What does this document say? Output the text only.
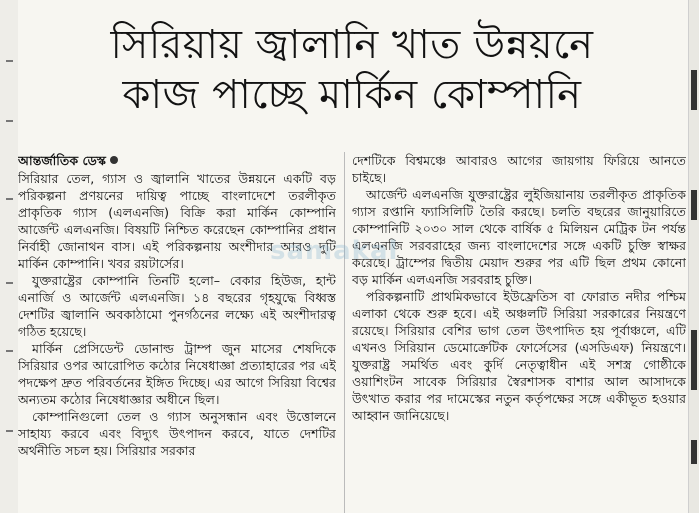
সিরিয়ায় জ্বালানি খাত উন্নয়নে
কাজ পাচ্ছে মার্কিন কোম্পানি
আন্তর্জাতিক ডেস্ক

সিরিয়ার তেল, গ্যাস ও জ্বালানি খাতের উন্নয়নে একটি বড় পরিকল্পনা প্রণয়নের দায়িত্ব পাচ্ছে বাংলাদেশে তরলীকৃত প্রাকৃতিক গ্যাস (এলএনজি) বিক্রি করা মার্কিন কোম্পানি আর্জেন্ট এলএনজি। বিষয়টি নিশ্চিত করেছেন কোম্পানির প্রধান নির্বাহী জোনাথন বাস। এই পরিকল্পনায় অংশীদার আরও দুটি মার্কিন কোম্পানি। খবর রয়টার্সের।

যুক্তরাষ্ট্রের কোম্পানি তিনটি হলো– বেকার হিউজ, হান্ট এনার্জি ও আর্জেন্ট এলএনজি। ১৪ বছরের গৃহযুদ্ধে বিধ্বস্ত দেশটির জ্বালানি অবকাঠামো পুনর্গঠনের লক্ষ্যে এই অংশীদারত্ব গঠিত হয়েছে।

মার্কিন প্রেসিডেন্ট ডোনাল্ড ট্রাম্প জুন মাসের শেষদিকে সিরিয়ার ওপর আরোপিত কঠোর নিষেধাজ্ঞা প্রত্যাহারের পর এই পদক্ষেপ দ্রুত পরিবর্তনের ইঙ্গিত দিচ্ছে। এর আগে সিরিয়া বিশ্বের অন্যতম কঠোর নিষেধাজ্ঞার অধীনে ছিল।

কোম্পানিগুলো তেল ও গ্যাস অনুসন্ধান এবং উত্তোলনে সাহায্য করবে এবং বিদ্যুৎ উৎপাদন করবে, যাতে দেশটির অর্থনীতি সচল হয়। সিরিয়ার সরকার

দেশটিকে বিশ্বমঞ্চে আবারও আগের জায়গায় ফিরিয়ে আনতে চাইছে।

আর্জেন্ট এলএনজি যুক্তরাষ্ট্রের লুইজিয়ানায় তরলীকৃত প্রাকৃতিক গ্যাস রপ্তানি ফ্যাসিলিটি তৈরি করছে। চলতি বছরের জানুয়ারিতে কোম্পানিটি ২০৩০ সাল থেকে বার্ষিক ৫ মিলিয়ন মেট্রিক টন পর্যন্ত এলএনজি সরবরাহের জন্য বাংলাদেশের সঙ্গে একটি চুক্তি স্বাক্ষর করেছে। ট্রাম্পের দ্বিতীয় মেয়াদ শুরুর পর এটি ছিল প্রথম কোনো বড় মার্কিন এলএনজি সরবরাহ চুক্তি।

পরিকল্পনাটি প্রাথমিকভাবে ইউফ্রেতিস বা ফোরাত নদীর পশ্চিম এলাকা থেকে শুরু হবে। এই অঞ্চলটি সিরিয়া সরকারের নিয়ন্ত্রণে রয়েছে। সিরিয়ার বেশির ভাগ তেল উৎপাদিত হয় পূর্বাঞ্চলে, এটি এখনও সিরিয়ান ডেমোক্রেটিক ফোর্সেসের (এসডিএফ) নিয়ন্ত্রণে। যুক্তরাষ্ট্র সমর্থিত এবং কুর্দি নেতৃত্বাধীন এই সশস্ত্র গোষ্ঠীকে ওয়াশিংটন সাবেক সিরিয়ার স্বৈরশাসক বাশার আল আসাদকে উৎখাত করার পর দামেস্কের নতুন কর্তৃপক্ষের সঙ্গে একীভূত হওয়ার আহ্বান জানিয়েছে।

samakal
